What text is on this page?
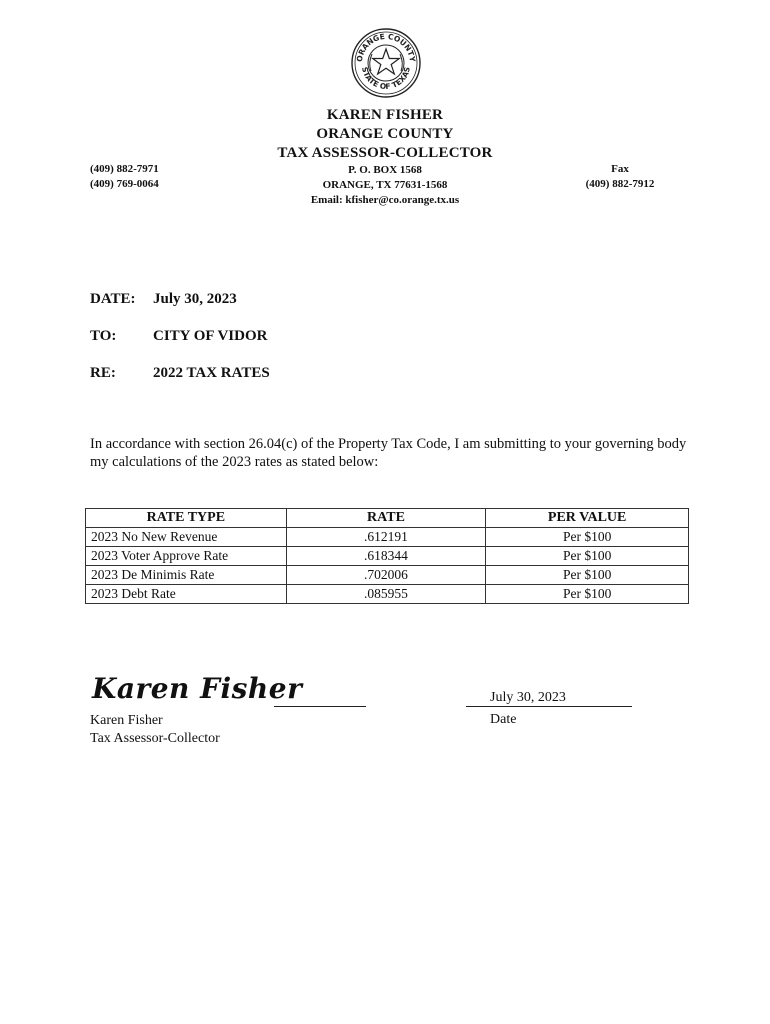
ORANGE COUNTY
STATE OF TEXAS
KAREN FISHER
ORANGE COUNTY
TAX ASSESSOR-COLLECTOR
P. O. BOX 1568
ORANGE, TX 77631-1568
Email: kfisher@co.orange.tx.us
(409) 882-7971
(409) 769-0064
Fax
(409) 882-7912
DATE: July 30, 2023
TO: CITY OF VIDOR
RE: 2022 TAX RATES
In accordance with section 26.04(c) of the Property Tax Code, I am submitting to your governing body my calculations of the 2023 rates as stated below:
RATE TYPE	RATE	PER VALUE
2023 No New Revenue	.612191	Per $100
2023 Voter Approve Rate	.618344	Per $100
2023 De Minimis Rate	.702006	Per $100
2023 Debt Rate	.085955	Per $100
Karen Fisher
Karen Fisher
Tax Assessor-Collector
July 30, 2023
Date
